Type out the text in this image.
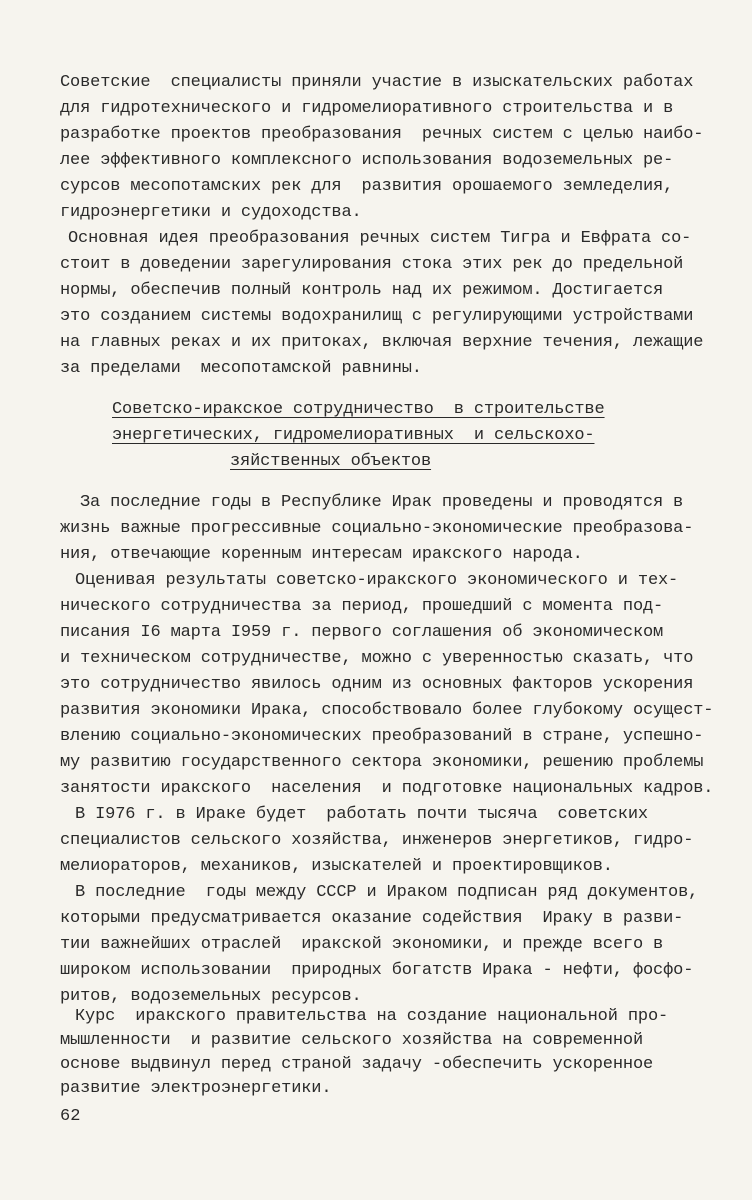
Советские  специалисты приняли участие в изыскательских работах
для гидротехнического и гидромелиоративного строительства и в
разработке проектов преобразования  речных систем с целью наибо-
лее эффективного комплексного использования водоземельных ре-
сурсов месопотамских рек для  развития орошаемого земледелия,
гидроэнергетики и судоходства.
Основная идея преобразования речных систем Тигра и Евфрата со-
стоит в доведении зарегулирования стока этих рек до предельной
нормы, обеспечив полный контроль над их режимом. Достигается
это созданием системы водохранилищ с регулирующими устройствами
на главных реках и их притоках, включая верхние течения, лежащие
за пределами  месопотамской равнины.
Советско-иракское сотрудничество  в строительстве
энергетических, гидромелиоративных  и сельскохо-
зяйственных объектов
За последние годы в Республике Ирак проведены и проводятся в
жизнь важные прогрессивные социально-экономические преобразова-
ния, отвечающие коренным интересам иракского народа.
Оценивая результаты советско-иракского экономического и тех-
нического сотрудничества за период, прошедший с момента под-
писания I6 марта I959 г. первого соглашения об экономическом
и техническом сотрудничестве, можно с уверенностью сказать, что
это сотрудничество явилось одним из основных факторов ускорения
развития экономики Ирака, способствовало более глубокому осущест-
влению социально-экономических преобразований в стране, успешно-
му развитию государственного сектора экономики, решению проблемы
занятости иракского  населения  и подготовке национальных кадров.
В I976 г. в Ираке будет  работать почти тысяча  советских
специалистов сельского хозяйства, инженеров энергетиков, гидро-
мелиораторов, механиков, изыскателей и проектировщиков.
В последние  годы между СССР и Ираком подписан ряд документов,
которыми предусматривается оказание содействия  Ираку в разви-
тии важнейших отраслей  иракской экономики, и прежде всего в
широком использовании  природных богатств Ирака - нефти, фосфо-
ритов, водоземельных ресурсов.
Курс  иракского правительства на создание национальной про-
мышленности  и развитие сельского хозяйства на современной
основе выдвинул перед страной задачу -обеспечить ускоренное
развитие электроэнергетики.
62
